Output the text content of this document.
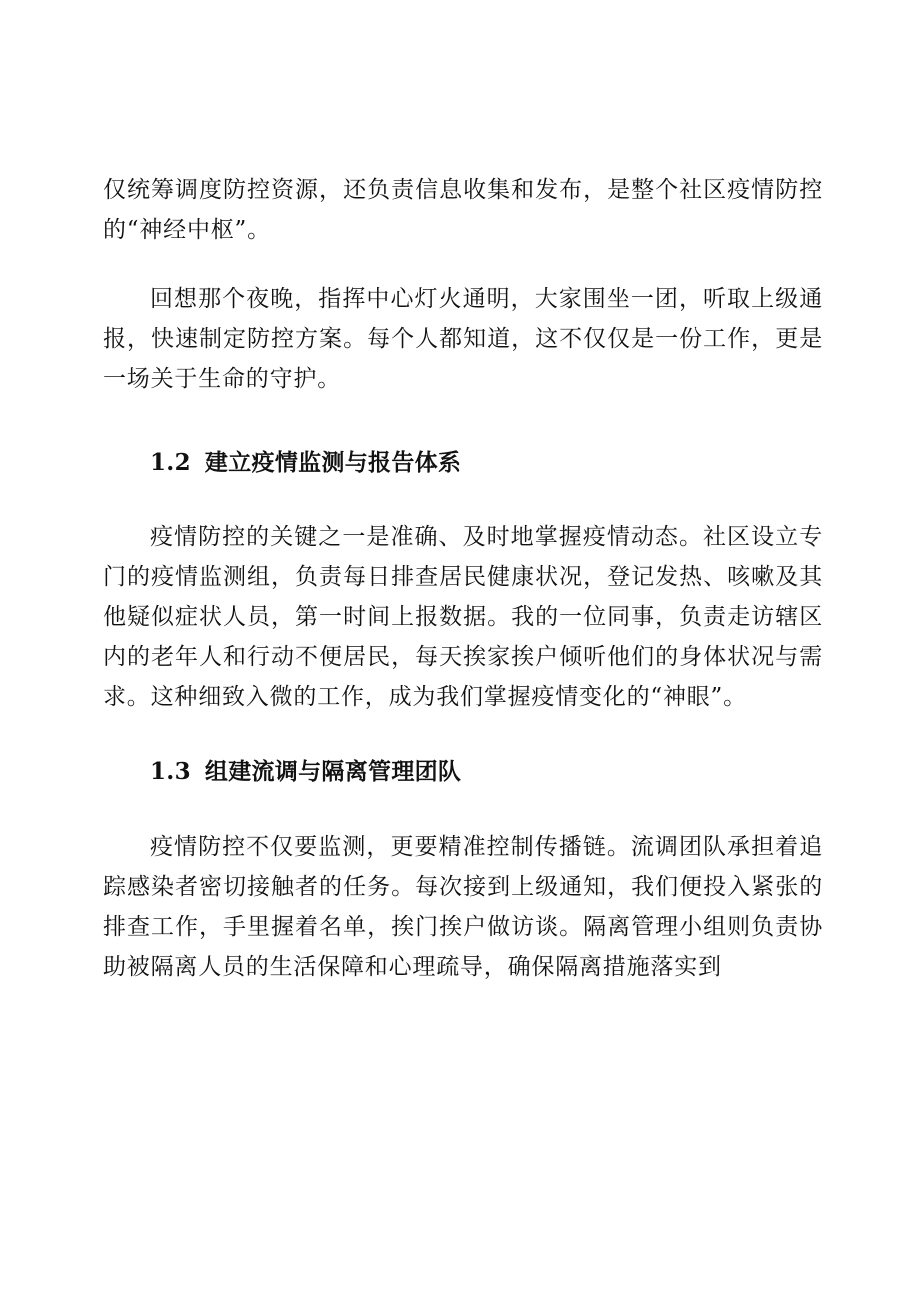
仅统筹调度防控资源，还负责信息收集和发布，是整个社区疫情防控的“神经中枢”。

回想那个夜晚，指挥中心灯火通明，大家围坐一团，听取上级通报，快速制定防控方案。每个人都知道，这不仅仅是一份工作，更是一场关于生命的守护。

1.2 建立疫情监测与报告体系

疫情防控的关键之一是准确、及时地掌握疫情动态。社区设立专门的疫情监测组，负责每日排查居民健康状况，登记发热、咳嗽及其他疑似症状人员，第一时间上报数据。我的一位同事，负责走访辖区内的老年人和行动不便居民，每天挨家挨户倾听他们的身体状况与需求。这种细致入微的工作，成为我们掌握疫情变化的“神眼”。

1.3 组建流调与隔离管理团队

疫情防控不仅要监测，更要精准控制传播链。流调团队承担着追踪感染者密切接触者的任务。每次接到上级通知，我们便投入紧张的排查工作，手里握着名单，挨门挨户做访谈。隔离管理小组则负责协助被隔离人员的生活保障和心理疏导，确保隔离措施落实到
